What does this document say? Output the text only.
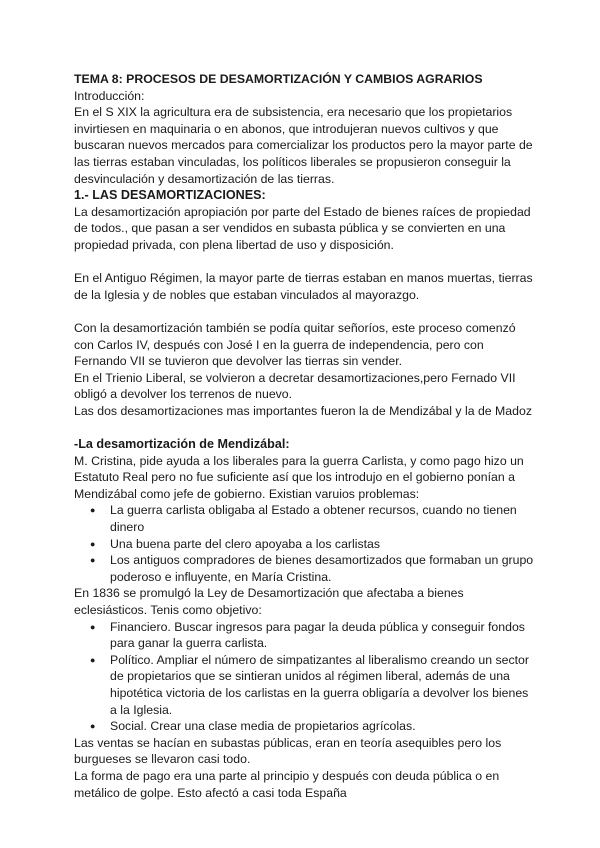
TEMA 8: PROCESOS DE DESAMORTIZACIÓN Y CAMBIOS AGRARIOS

Introducción:

En el S XIX la agricultura era de subsistencia, era necesario que los propietarios invirtiesen en maquinaria o en abonos, que introdujeran nuevos cultivos y que buscaran nuevos mercados para comercializar los productos pero la mayor parte de las tierras estaban vinculadas, los políticos liberales se propusieron conseguir la desvinculación y desamortización de las tierras.

1.- LAS DESAMORTIZACIONES:

La desamortización apropiación por parte del Estado de bienes raíces de propiedad de todos., que pasan a ser vendidos en subasta pública y se convierten en una propiedad privada, con plena libertad de uso y disposición.

En el Antiguo Régimen, la mayor parte de tierras estaban en manos muertas, tierras de la Iglesia y de nobles que estaban vinculados al mayorazgo.

Con la desamortización también se podía quitar señoríos, este proceso comenzó con Carlos IV, después con José I en la guerra de independencia, pero con Fernando VII se tuvieron que devolver las tierras sin vender.

En el Trienio Liberal, se volvieron a decretar desamortizaciones,pero Fernado VII obligó a devolver los terrenos de nuevo.

Las dos desamortizaciones mas importantes fueron la de Mendizábal y la de Madoz

-La desamortización de Mendizábal:

M. Cristina, pide ayuda a los liberales para la guerra Carlista, y como pago hizo un Estatuto Real pero no fue suficiente así que los introdujo en el gobierno ponían a Mendizábal como jefe de gobierno. Existian varuios problemas:

● La guerra carlista obligaba al Estado a obtener recursos, cuando no tienen dinero
● Una buena parte del clero apoyaba a los carlistas
● Los antiguos compradores de bienes desamortizados que formaban un grupo poderoso e influyente, en María Cristina.

En 1836 se promulgó la Ley de Desamortización que afectaba a bienes eclesiásticos. Tenis como objetivo:

● Financiero. Buscar ingresos para pagar la deuda pública y conseguir fondos para ganar la guerra carlista.
● Político. Ampliar el número de simpatizantes al liberalismo creando un sector de propietarios que se sintieran unidos al régimen liberal, además de una hipotética victoria de los carlistas en la guerra obligaría a devolver los bienes a la Iglesia.
● Social. Crear una clase media de propietarios agrícolas.

Las ventas se hacían en subastas públicas, eran en teoría asequibles pero los burgueses se llevaron casi todo.

La forma de pago era una parte al principio y después con deuda pública o en metálico de golpe. Esto afectó a casi toda España
